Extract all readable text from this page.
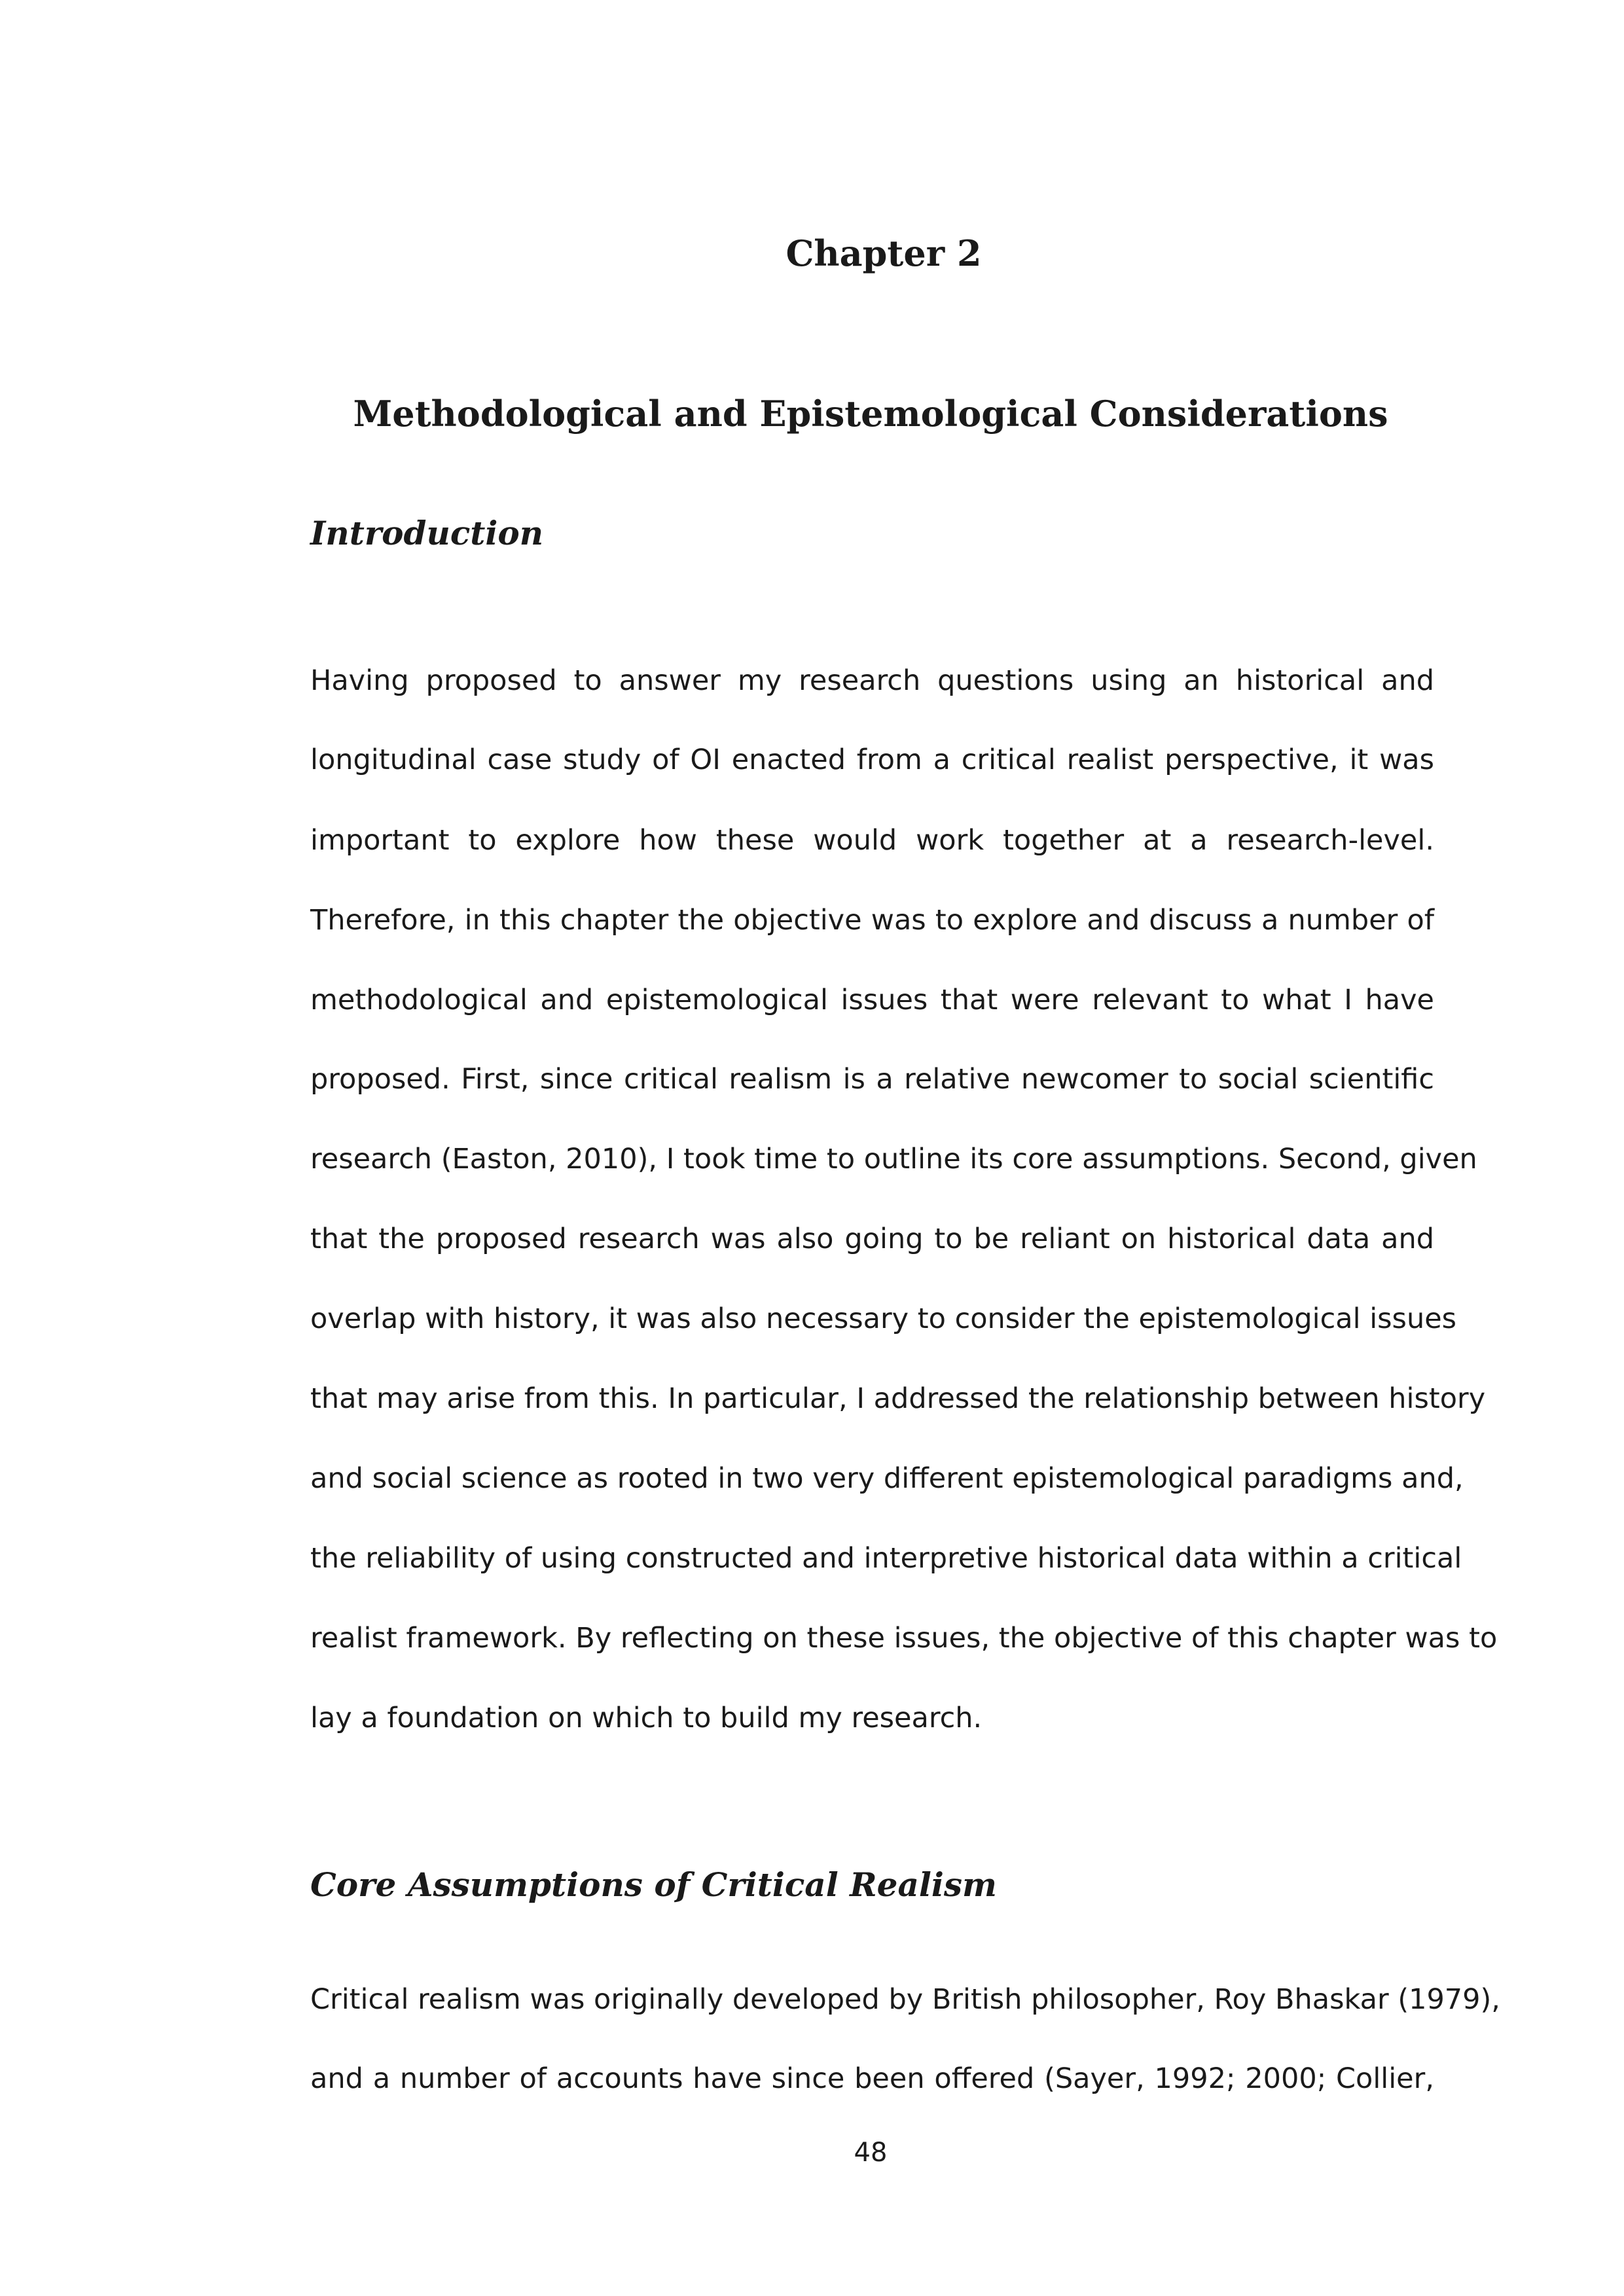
Chapter 2
Methodological and Epistemological Considerations
Introduction
Having proposed to answer my research questions using an historical and
longitudinal case study of OI enacted from a critical realist perspective, it was
important to explore how these would work together at a research-level.
Therefore, in this chapter the objective was to explore and discuss a number of
methodological and epistemological issues that were relevant to what I have
proposed. First, since critical realism is a relative newcomer to social scientific
research (Easton, 2010), I took time to outline its core assumptions. Second, given
that the proposed research was also going to be reliant on historical data and
overlap with history, it was also necessary to consider the epistemological issues
that may arise from this. In particular, I addressed the relationship between history
and social science as rooted in two very different epistemological paradigms and,
the reliability of using constructed and interpretive historical data within a critical
realist framework. By reflecting on these issues, the objective of this chapter was to
lay a foundation on which to build my research.
Core Assumptions of Critical Realism
Critical realism was originally developed by British philosopher, Roy Bhaskar (1979),
and a number of accounts have since been offered (Sayer, 1992; 2000; Collier,
48
